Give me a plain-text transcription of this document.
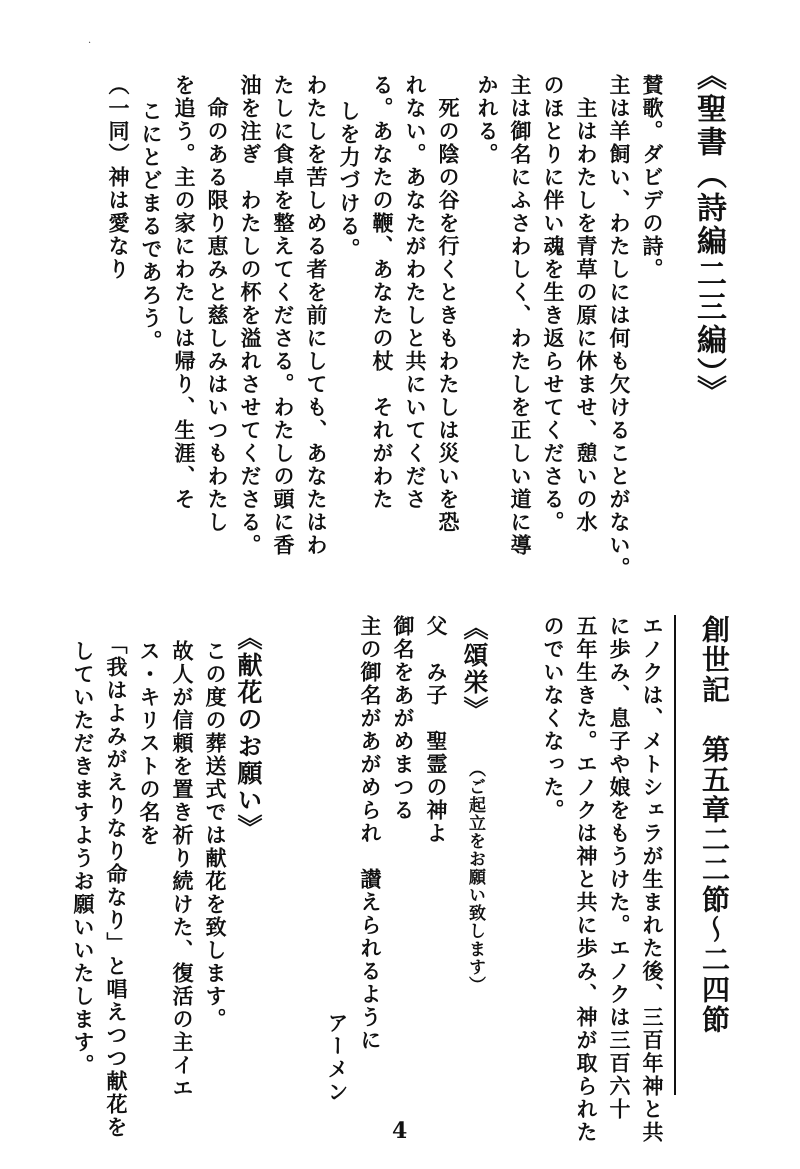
·
《聖書（詩編二三編）》
賛歌。ダビデの詩。
主は羊飼い、わたしには何も欠けることがない。
　主はわたしを青草の原に休ませ、憩いの水
のほとりに伴い魂を生き返らせてくださる。
主は御名にふさわしく、わたしを正しい道に導
かれる。
　死の陰の谷を行くときもわたしは災いを恐
れない。あなたがわたしと共にいてくださ
る。あなたの鞭、あなたの杖　それがわた
しを力づける。
わたしを苦しめる者を前にしても、あなたはわ
たしに食卓を整えてくださる。わたしの頭に香
油を注ぎ　わたしの杯を溢れさせてくださる。
　命のある限り恵みと慈しみはいつもわたし
を追う。主の家にわたしは帰り、生涯、そ
こにとどまるであろう。
（一同）神は愛なり
創世記　第五章二二節～二四節
エノクは、メトシェラが生まれた後、三百年神と共
に歩み、息子や娘をもうけた。エノクは三百六十
五年生きた。エノクは神と共に歩み、神が取られた
のでいなくなった。
《頌栄》
（ご起立をお願い致します）
父　み子　聖霊の神よ
御名をあがめまつる
主の御名があがめられ　讃えられるように
アーメン
《献花のお願い》
この度の葬送式では献花を致します。
故人が信頼を置き祈り続けた、復活の主イエ
ス・キリストの名を
「我はよみがえりなり命なり」と唱えつつ献花を
していただきますようお願いいたします。
4
